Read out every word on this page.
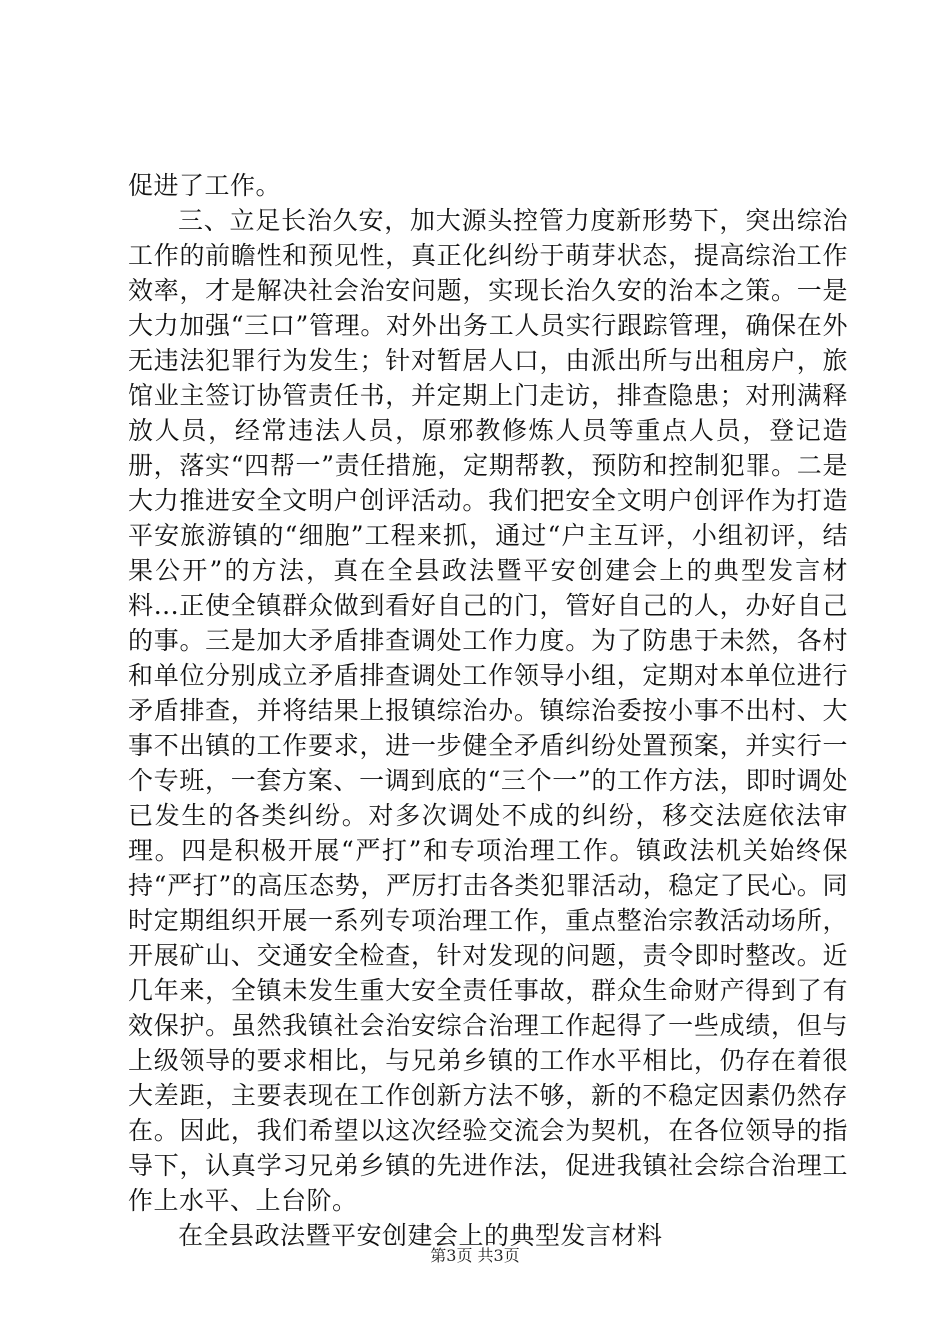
促进了工作。

三、立足长治久安，加大源头控管力度新形势下，突出综治工作的前瞻性和预见性，真正化纠纷于萌芽状态，提高综治工作效率，才是解决社会治安问题，实现长治久安的治本之策。一是大力加强“三口”管理。对外出务工人员实行跟踪管理，确保在外无违法犯罪行为发生；针对暂居人口，由派出所与出租房户，旅馆业主签订协管责任书，并定期上门走访，排查隐患；对刑满释放人员，经常违法人员，原邪教修炼人员等重点人员，登记造册，落实“四帮一”责任措施，定期帮教，预防和控制犯罪。二是大力推进安全文明户创评活动。我们把安全文明户创评作为打造平安旅游镇的“细胞”工程来抓，通过“户主互评，小组初评，结果公开”的方法，真在全县政法暨平安创建会上的典型发言材料...正使全镇群众做到看好自己的门，管好自己的人，办好自己的事。三是加大矛盾排查调处工作力度。为了防患于未然，各村和单位分别成立矛盾排查调处工作领导小组，定期对本单位进行矛盾排查，并将结果上报镇综治办。镇综治委按小事不出村、大事不出镇的工作要求，进一步健全矛盾纠纷处置预案，并实行一个专班，一套方案、一调到底的“三个一”的工作方法，即时调处已发生的各类纠纷。对多次调处不成的纠纷，移交法庭依法审理。四是积极开展“严打”和专项治理工作。镇政法机关始终保持“严打”的高压态势，严厉打击各类犯罪活动，稳定了民心。同时定期组织开展一系列专项治理工作，重点整治宗教活动场所，开展矿山、交通安全检查，针对发现的问题，责令即时整改。近几年来，全镇未发生重大安全责任事故，群众生命财产得到了有效保护。虽然我镇社会治安综合治理工作起得了一些成绩，但与上级领导的要求相比，与兄弟乡镇的工作水平相比，仍存在着很大差距，主要表现在工作创新方法不够，新的不稳定因素仍然存在。因此，我们希望以这次经验交流会为契机，在各位领导的指导下，认真学习兄弟乡镇的先进作法，促进我镇社会综合治理工作上水平、上台阶。

在全县政法暨平安创建会上的典型发言材料

第3页 共3页
